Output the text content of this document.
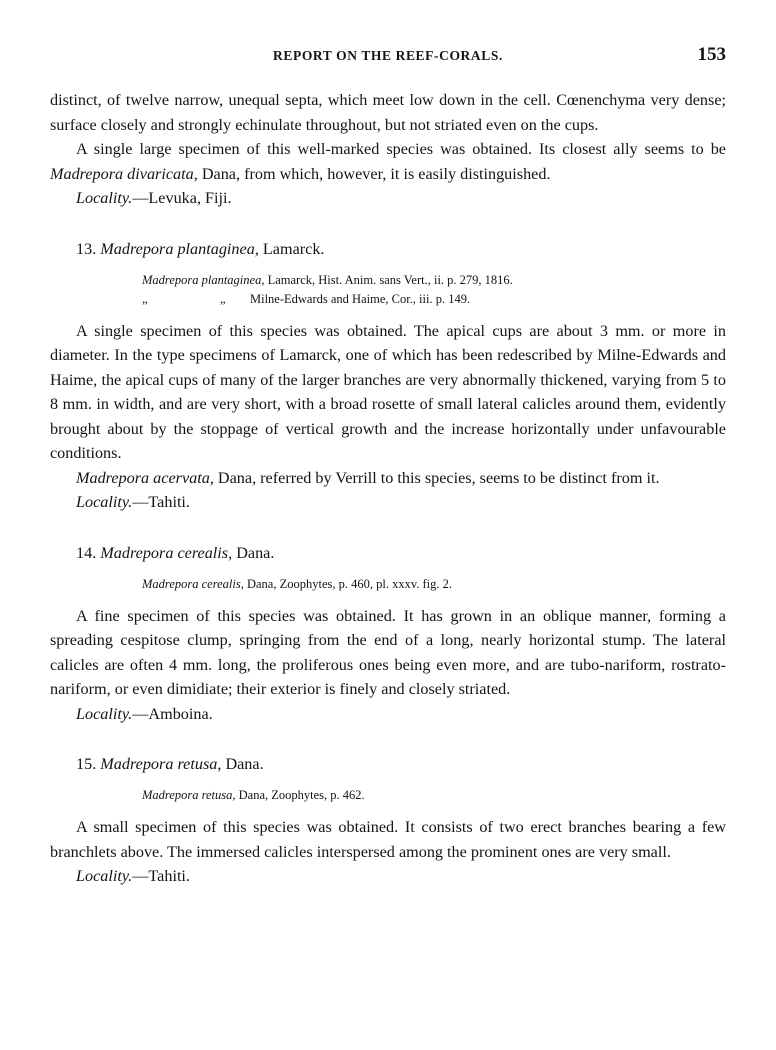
REPORT ON THE REEF-CORALS.	153

distinct, of twelve narrow, unequal septa, which meet low down in the cell. Cœnenchyma very dense; surface closely and strongly echinulate throughout, but not striated even on the cups.

A single large specimen of this well-marked species was obtained. Its closest ally seems to be Madrepora divaricata, Dana, from which, however, it is easily distinguished.

Locality.—Levuka, Fiji.

13. Madrepora plantaginea, Lamarck.
Madrepora plantaginea, Lamarck, Hist. Anim. sans Vert., ii. p. 279, 1816.
„	„ Milne-Edwards and Haime, Cor., iii. p. 149.

A single specimen of this species was obtained. The apical cups are about 3 mm. or more in diameter. In the type specimens of Lamarck, one of which has been redescribed by Milne-Edwards and Haime, the apical cups of many of the larger branches are very abnormally thickened, varying from 5 to 8 mm. in width, and are very short, with a broad rosette of small lateral calicles around them, evidently brought about by the stoppage of vertical growth and the increase horizontally under unfavourable conditions.

Madrepora acervata, Dana, referred by Verrill to this species, seems to be distinct from it.

Locality.—Tahiti.

14. Madrepora cerealis, Dana.
Madrepora cerealis, Dana, Zoophytes, p. 460, pl. xxxv. fig. 2.

A fine specimen of this species was obtained. It has grown in an oblique manner, forming a spreading cespitose clump, springing from the end of a long, nearly horizontal stump. The lateral calicles are often 4 mm. long, the proliferous ones being even more, and are tubo-nariform, rostrato-nariform, or even dimidiate; their exterior is finely and closely striated.

Locality.—Amboina.

15. Madrepora retusa, Dana.
Madrepora retusa, Dana, Zoophytes, p. 462.

A small specimen of this species was obtained. It consists of two erect branches bearing a few branchlets above. The immersed calicles interspersed among the prominent ones are very small.

Locality.—Tahiti.
